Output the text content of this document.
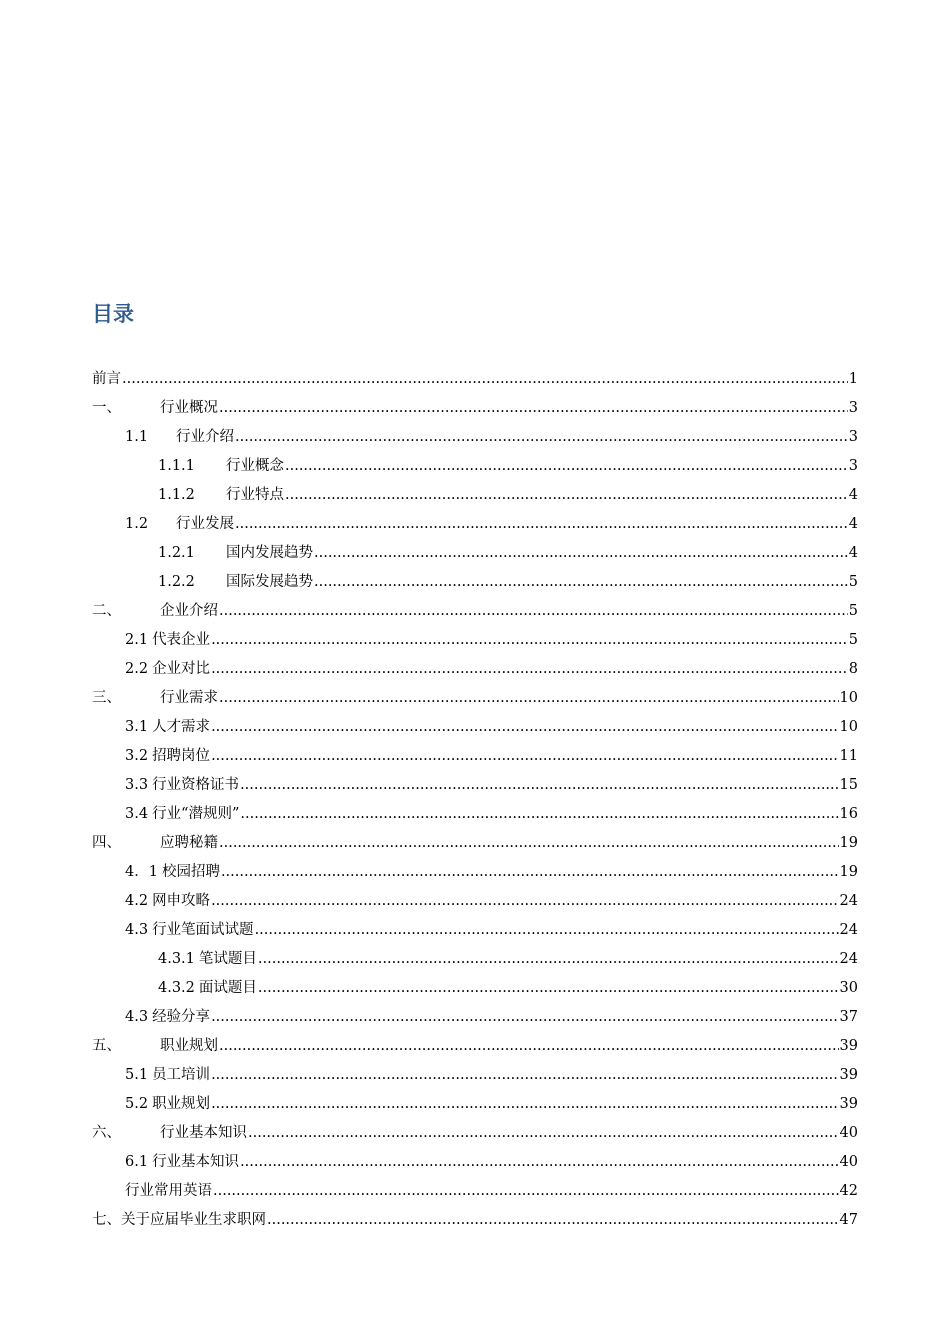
目录
前言 .....	1
一、	行业概况 .....	3
1.1	行业介绍 .....	3
1.1.1	行业概念 .....	3
1.1.2	行业特点 .....	4
1.2	行业发展 .....	4
1.2.1	国内发展趋势 .....	4
1.2.2	国际发展趋势 .....	5
二、	企业介绍 .....	5
2.1 代表企业 .....	5
2.2 企业对比 .....	8
三、	行业需求 .....	10
3.1 人才需求 .....	10
3.2 招聘岗位 .....	11
3.3 行业资格证书 .....	15
3.4 行业“潜规则” .....	16
四、	应聘秘籍 .....	19
4．1 校园招聘 .....	19
4.2 网申攻略 .....	24
4.3 行业笔面试试题 .....	24
4.3.1 笔试题目 .....	24
4.3.2 面试题目 .....	30
4.3 经验分享 .....	37
五、	职业规划 .....	39
5.1 员工培训 .....	39
5.2 职业规划 .....	39
六、	行业基本知识 .....	40
6.1 行业基本知识 .....	40
行业常用英语 .....	42
七、关于应届毕业生求职网 .....	47
